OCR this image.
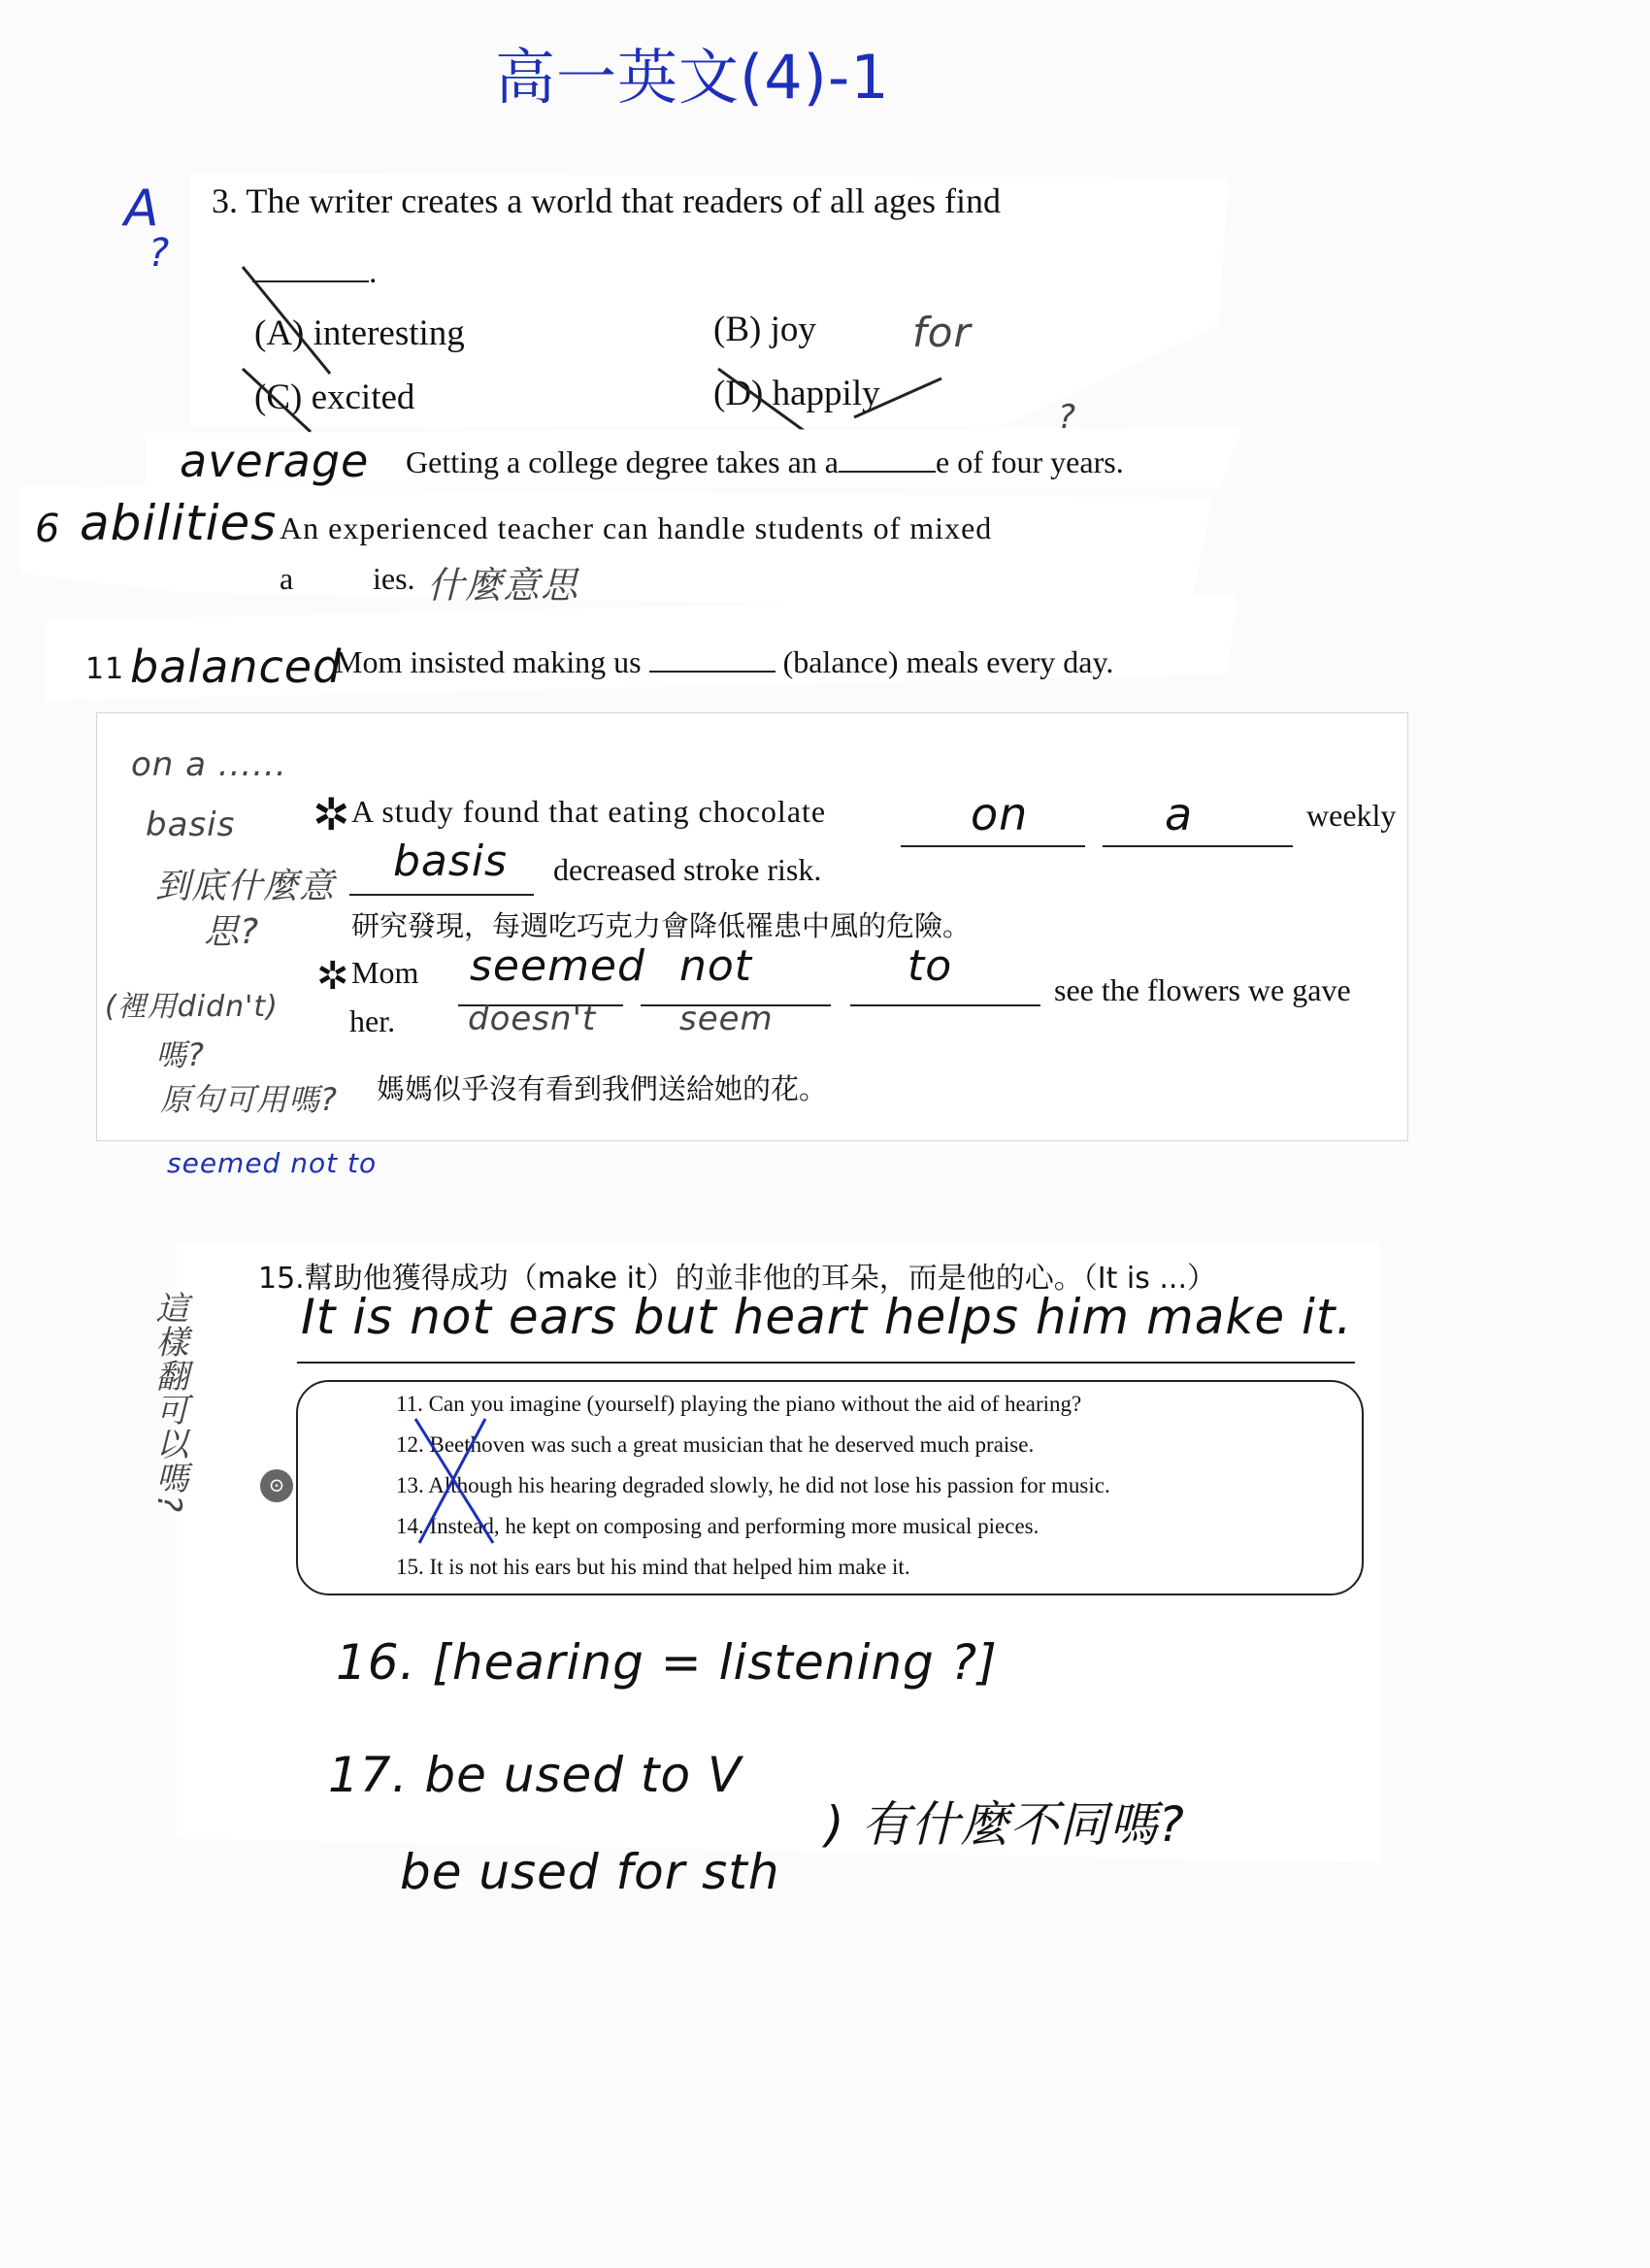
高一英文(4)-1
A
?
3. The writer creates a world that readers of all ages find
.
(A) interesting	(B) joy
(C) excited	(D) happily
for
average Getting a college degree takes an a	e of four years.
?
6 abilities An experienced teacher can handle students of mixed
a	ies. 什麼意思
11 balanced
Mom insisted making us	(balance) meals every day.
on a ......
basis
到底什麼意
思?
✲ A study found that eating chocolate	on	a	weekly
basis decreased stroke risk.
研究發現，每週吃巧克力會降低罹患中風的危險。
(裡用didn't)
嗎?
原句可用嗎?
✲ Mom seemed not	to	see the flowers we gave
her. doesn't	seem
媽媽似乎沒有看到我們送給她的花。
seemed not to
15.幫助他獲得成功（make it）的並非他的耳朵，而是他的心。（It is ...）
It is not ears but heart helps him make it.
這樣翻可以嗎?	⊙
11. Can you imagine (yourself) playing the piano without the aid of hearing?
12. Beethoven was such a great musician that he deserved much praise.
13. Although his hearing degraded slowly, he did not lose his passion for music.
14. Instead, he kept on composing and performing more musical pieces.
15. It is not his ears but his mind that helped him make it.
16. [hearing = listening ?]
17. be used to V
be used for sth
) 有什麼不同嗎?
